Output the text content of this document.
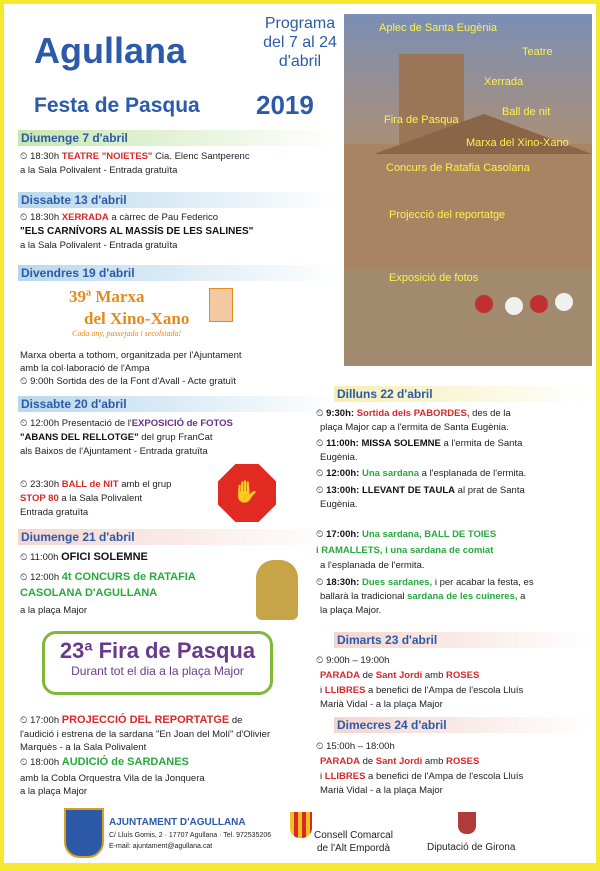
Agullana
Festa de Pasqua
Programa
del 7 al 24
d'abril
2019
Aplec de Santa Eugènia
Teatre
Xerrada
Ball de nit
Fira de Pasqua
Marxa del Xino-Xano
Concurs de Ratafia Casolana
Projecció del reportatge
Exposició de fotos
Diumenge 7 d'abril
⏲ 18:30h TEATRE "NOIETES" Cia. Elenc Santperenc
a la Sala Polivalent - Entrada gratuïta
Dissabte 13 d'abril
⏲ 18:30h XERRADA a càrrec de Pau Federico
"ELS CARNÍVORS AL MASSÍS DE LES SALINES"
a la Sala Polivalent - Entrada gratuïta
Divendres 19 d'abril
39ª Marxa
del Xino-Xano
Cada any, passejada i secolstada!
Marxa oberta a tothom, organitzada per l'Ajuntament
amb la col·laboració de l'Ampa
⏲ 9:00h Sortida des de la Font d'Avall - Acte gratuït
Dissabte 20 d'abril
⏲ 12:00h Presentació de l'EXPOSICIÓ de FOTOS
"ABANS DEL RELLOTGE" del grup FranCat
als Baixos de l'Ajuntament - Entrada gratuïta
⏲ 23:30h BALL de NIT amb el grup
STOP 80 a la Sala Polivalent
Entrada gratuïta
✋
Diumenge 21 d'abril
⏲ 11:00h OFICI SOLEMNE
⏲ 12:00h 4t CONCURS de RATAFIA
CASOLANA D'AGULLANA
a la plaça Major
23ª Fira de Pasqua
Durant tot el dia a la plaça Major
⏲ 17:00h PROJECCIÓ DEL REPORTATGE de
l'audició i estrena de la sardana "En Joan del Molí" d'Olivier
Marquès - a la Sala Polivalent
⏲ 18:00h AUDICIÓ de SARDANES
amb la Cobla Orquestra Vila de la Jonquera
a la plaça Major
Dilluns 22 d'abril
⏲ 9:30h: Sortida dels PABORDES, des de la
plaça Major cap a l'ermita de Santa Eugènia.
⏲ 11:00h: MISSA SOLEMNE a l'ermita de Santa
Eugènia.
⏲ 12:00h: Una sardana a l'esplanada de l'ermita.
⏲ 13:00h: LLEVANT DE TAULA al prat de Santa
Eugènia.
⏲ 17:00h: Una sardana, BALL DE TOIES
i RAMALLETS, i una sardana de comiat
a l'esplanada de l'ermita.
⏲ 18:30h: Dues sardanes, i per acabar la festa, es
ballarà la tradicional sardana de les cuineres, a
la plaça Major.
Dimarts 23 d'abril
⏲ 9:00h – 19:00h
PARADA de Sant Jordi amb ROSES
i LLIBRES a benefici de l'Ampa de l'escola Lluís
Marià Vidal - a la plaça Major
Dimecres 24 d'abril
⏲ 15:00h – 18:00h
PARADA de Sant Jordi amb ROSES
i LLIBRES a benefici de l'Ampa de l'escola Lluís
Marià Vidal - a la plaça Major
AJUNTAMENT D'AGULLANA
C/ Lluís Gomis, 2 · 17707 Agullana · Tel. 972535206
E-mail: ajuntament@agullana.cat
Consell Comarcal
de l'Alt Empordà	Diputació de Girona
